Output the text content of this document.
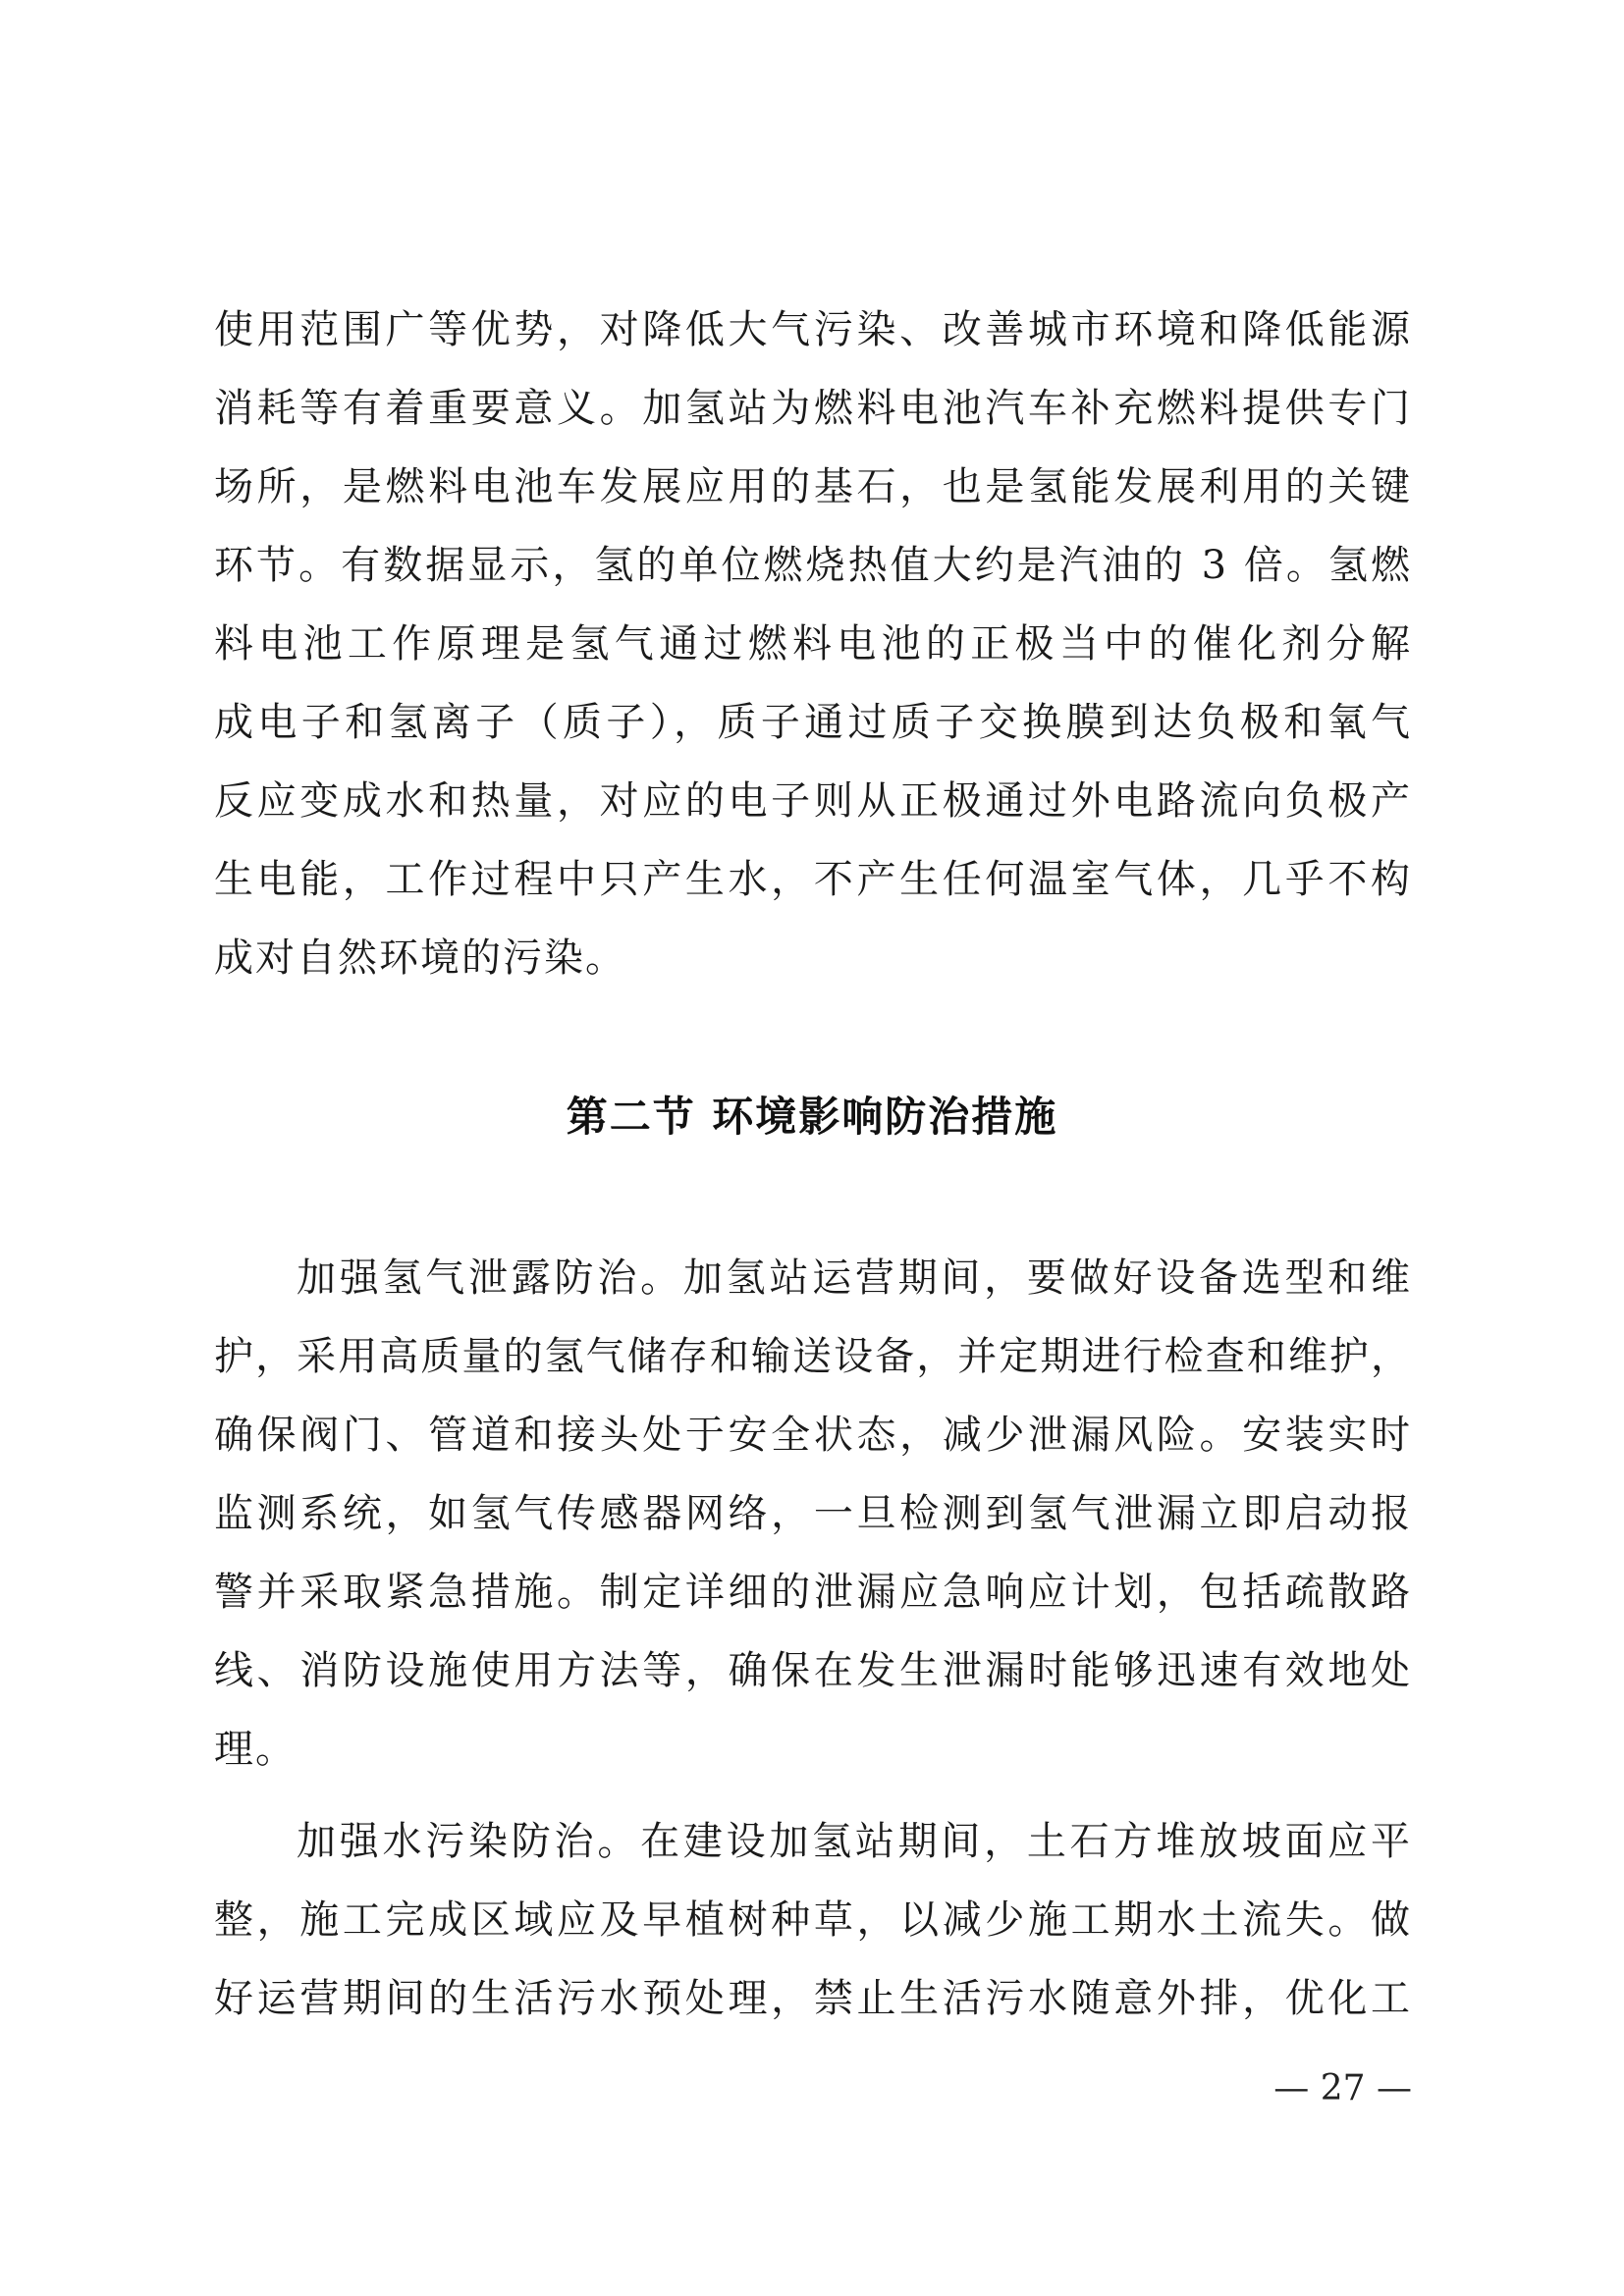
使用范围广等优势，对降低大气污染、改善城市环境和降低能源
消耗等有着重要意义。加氢站为燃料电池汽车补充燃料提供专门
场所，是燃料电池车发展应用的基石，也是氢能发展利用的关键
环节。有数据显示，氢的单位燃烧热值大约是汽油的 3 倍。氢燃
料电池工作原理是氢气通过燃料电池的正极当中的催化剂分解
成电子和氢离子（质子），质子通过质子交换膜到达负极和氧气
反应变成水和热量，对应的电子则从正极通过外电路流向负极产
生电能，工作过程中只产生水，不产生任何温室气体，几乎不构
成对自然环境的污染。
第二节 环境影响防治措施
加强氢气泄露防治。加氢站运营期间，要做好设备选型和维
护，采用高质量的氢气储存和输送设备，并定期进行检查和维护，
确保阀门、管道和接头处于安全状态，减少泄漏风险。安装实时
监测系统，如氢气传感器网络，一旦检测到氢气泄漏立即启动报
警并采取紧急措施。制定详细的泄漏应急响应计划，包括疏散路
线、消防设施使用方法等，确保在发生泄漏时能够迅速有效地处
理。
加强水污染防治。在建设加氢站期间，土石方堆放坡面应平
整，施工完成区域应及早植树种草，以减少施工期水土流失。做
好运营期间的生活污水预处理，禁止生活污水随意外排，优化工
— 27 —
